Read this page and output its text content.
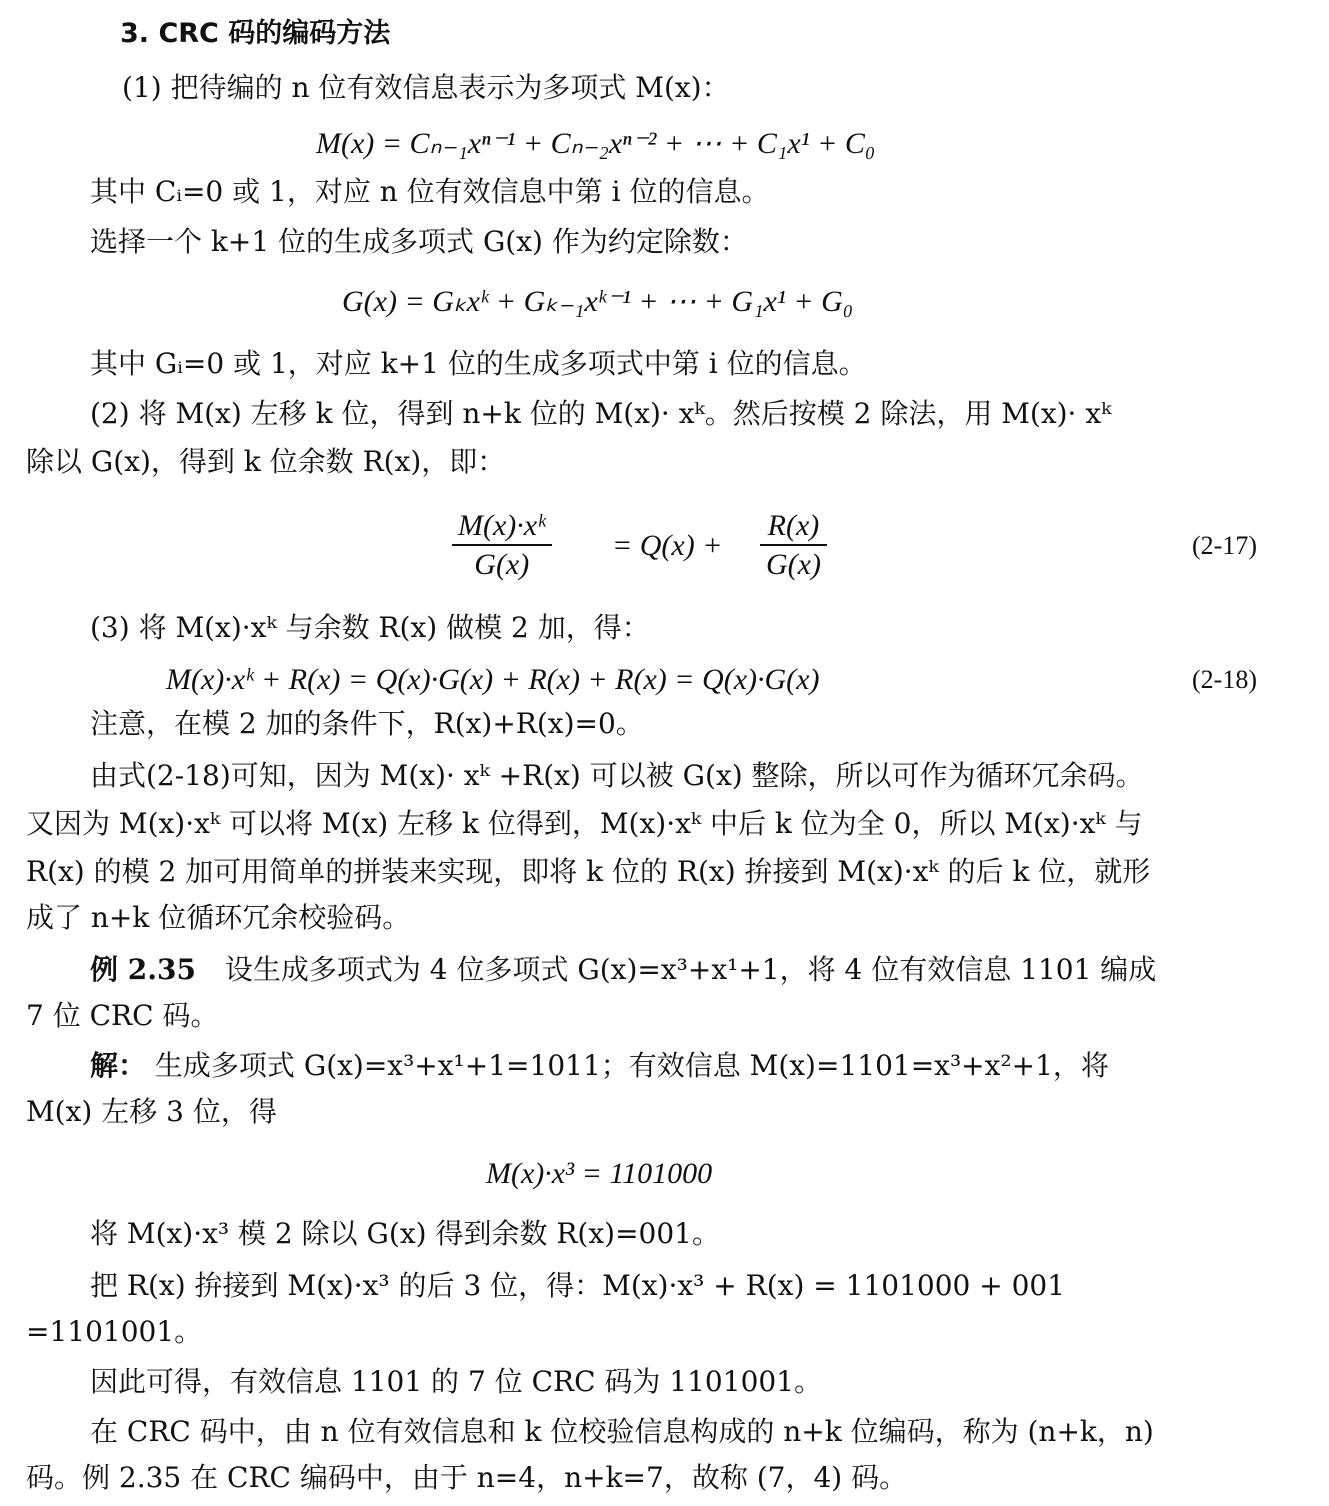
3. CRC 码的编码方法
(1) 把待编的 n 位有效信息表示为多项式 M(x)：
M(x) = Cₙ₋₁xⁿ⁻¹ + Cₙ₋₂xⁿ⁻² + ⋯ + C₁x¹ + C₀
其中 Cᵢ=0 或 1，对应 n 位有效信息中第 i 位的信息。
选择一个 k+1 位的生成多项式 G(x) 作为约定除数：
G(x) = Gₖxᵏ + Gₖ₋₁xᵏ⁻¹ + ⋯ + G₁x¹ + G₀
其中 Gᵢ=0 或 1，对应 k+1 位的生成多项式中第 i 位的信息。
(2) 将 M(x) 左移 k 位，得到 n+k 位的 M(x)· xᵏ。然后按模 2 除法，用 M(x)· xᵏ
除以 G(x)，得到 k 位余数 R(x)，即：
$\frac{\text{M(x)·xᵏ}}{G(x)} = Q(x) + \frac{R(x)}{G(x)}$	(2-17)
(3) 将 M(x)·xᵏ 与余数 R(x) 做模 2 加，得：
M(x)·xᵏ + R(x) = Q(x)·G(x) + R(x) + R(x) = Q(x)·G(x)	(2-18)
注意，在模 2 加的条件下，R(x)+R(x)=0。
由式(2-18)可知，因为 M(x)· xᵏ +R(x) 可以被 G(x) 整除，所以可作为循环冗余码。
又因为 M(x)·xᵏ 可以将 M(x) 左移 k 位得到，M(x)·xᵏ 中后 k 位为全 0，所以 M(x)·xᵏ 与
R(x) 的模 2 加可用简单的拼装来实现，即将 k 位的 R(x) 拚接到 M(x)·xᵏ 的后 k 位，就形
成了 n+k 位循环冗余校验码。
例 2.35 设生成多项式为 4 位多项式 G(x)=x³+x¹+1，将 4 位有效信息 1101 编成
7 位 CRC 码。
解： 生成多项式 G(x)=x³+x¹+1=1011；有效信息 M(x)=1101=x³+x²+1，将
M(x) 左移 3 位，得
M(x)·x³ = 1101000
将 M(x)·x³ 模 2 除以 G(x) 得到余数 R(x)=001。
把 R(x) 拚接到 M(x)·x³ 的后 3 位，得：M(x)·x³ + R(x) = 1101000 + 001
=1101001。
因此可得，有效信息 1101 的 7 位 CRC 码为 1101001。
在 CRC 码中，由 n 位有效信息和 k 位校验信息构成的 n+k 位编码，称为 (n+k，n)
码。例 2.35 在 CRC 编码中，由于 n=4，n+k=7，故称 (7，4) 码。
